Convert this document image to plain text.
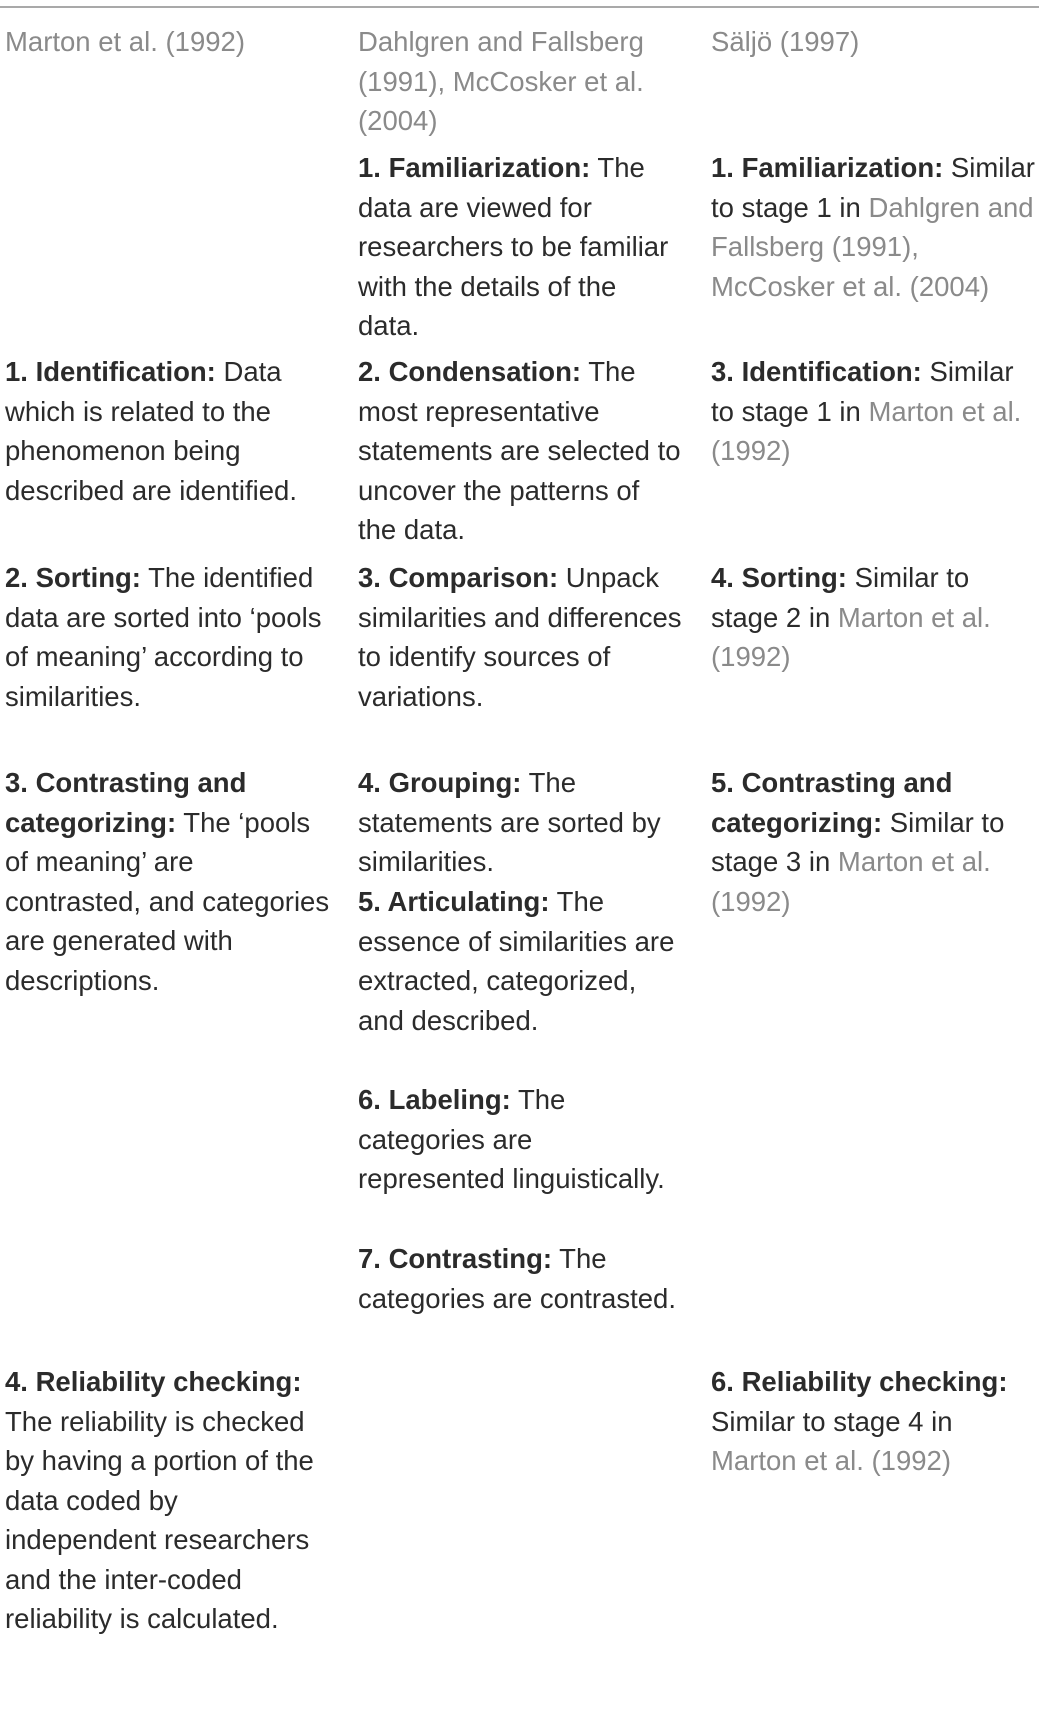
Marton et al. (1992)	Dahlgren and Fallsberg (1991), McCosker et al. (2004)
Säljö (1997)
1. Identification: Data which is related to the phenomenon being described are identified.
2. Sorting: The identified data are sorted into ‘pools of meaning’ according to similarities.
3. Contrasting and categorizing: The ‘pools of meaning’ are contrasted, and categories are generated with descriptions.
4. Reliability checking: The reliability is checked by having a portion of the data coded by independent researchers and the inter-coded reliability is calculated.
1. Familiarization: The data are viewed for researchers to be familiar with the details of the data.
2. Condensation: The most representative statements are selected to uncover the patterns of the data.
3. Comparison: Unpack similarities and differences to identify sources of variations.
4. Grouping: The statements are sorted by similarities.
5. Articulating: The essence of similarities are extracted, categorized, and described.
6. Labeling: The categories are represented linguistically.
7. Contrasting: The categories are contrasted.
1. Familiarization: Similar to stage 1 in Dahlgren and Fallsberg (1991), McCosker et al. (2004)
3. Identification: Similar to stage 1 in Marton et al. (1992)
4. Sorting: Similar to stage 2 in Marton et al. (1992)
5. Contrasting and categorizing: Similar to stage 3 in Marton et al. (1992)
6. Reliability checking: Similar to stage 4 in Marton et al. (1992)
